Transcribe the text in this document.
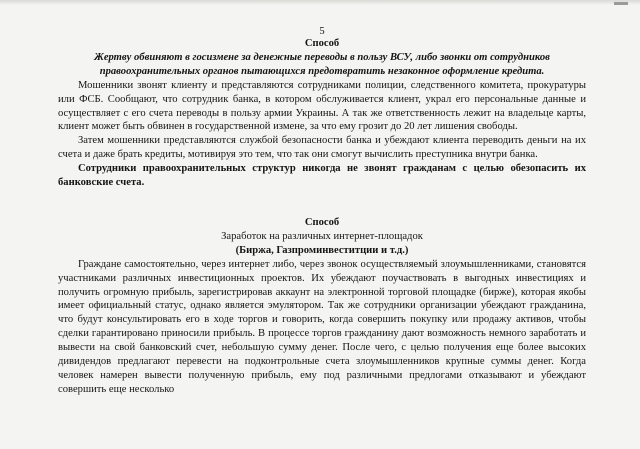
5

Способ

Жертву обвиняют в госизмене за денежные переводы в пользу ВСУ, либо звонки от сотрудников

правоохранительных органов пытающихся предотвратить незаконное оформление кредита.

Мошенники звонят клиенту и представляются сотрудниками полиции, следственного комитета, прокуратуры или ФСБ. Сообщают, что сотрудник банка, в котором обслуживается клиент, украл его персональные данные и осуществляет с его счета переводы в пользу армии Украины. А так же ответственность лежит на владельце карты, клиент может быть обвинен в государственной измене, за что ему грозит до 20 лет лишения свободы.

Затем мошенники представляются службой безопасности банка и убеждают клиента переводить деньги на их счета и даже брать кредиты, мотивируя это тем, что так они смогут вычислить преступника внутри банка.

Сотрудники правоохранительных структур никогда не звонят гражданам с целью обезопасить их банковские счета.

Способ

Заработок на различных интернет-площадок

(Биржа, Газпроминвеститции и т.д.)

Граждане самостоятельно, через интернет либо, через звонок осуществляемый злоумышленниками, становятся участниками различных инвестиционных проектов. Их убеждают поучаствовать в выгодных инвестициях и получить огромную прибыль, зарегистрировав аккаунт на электронной торговой площадке (бирже), которая якобы имеет официальный статус, однако является эмулятором. Так же сотрудники организации убеждают гражданина, что будут консультировать его в ходе торгов и говорить, когда совершить покупку или продажу активов, чтобы сделки гарантировано приносили прибыль. В процессе торгов гражданину дают возможность немного заработать и вывести на свой банковский счет, небольшую сумму денег. После чего, с целью получения еще более высоких дивидендов предлагают перевести на подконтрольные счета злоумышленников крупные суммы денег. Когда человек намерен вывести полученную прибыль, ему под различными предлогами отказывают и убеждают совершить еще несколько
